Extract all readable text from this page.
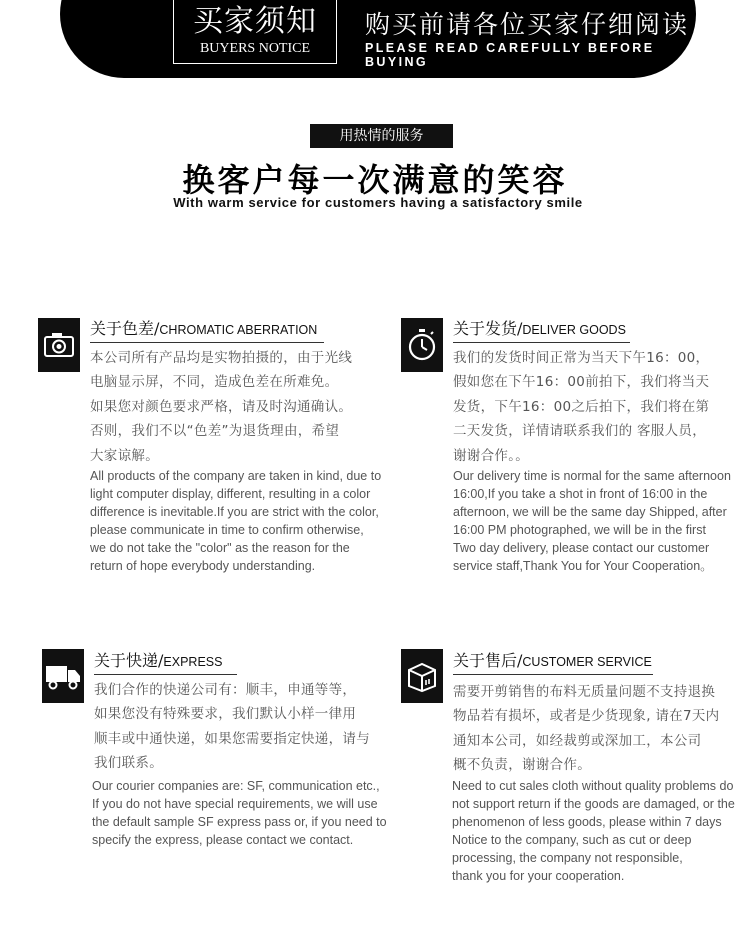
买家须知
BUYERS NOTICE
购买前请各位买家仔细阅读
PLEASE READ CAREFULLY BEFORE BUYING
用热情的服务
换客户每一次满意的笑容
With warm service for customers having a satisfactory smile
关于色差/CHROMATIC ABERRATION
本公司所有产品均是实物拍摄的，由于光线
电脑显示屏，不同，造成色差在所难免。
如果您对颜色要求严格，请及时沟通确认。
否则，我们不以“色差”为退货理由，希望
大家谅解。
All products of the company are taken in kind, due to
light computer display, different, resulting in a color
difference is inevitable.If you are strict with the color,
please communicate in time to confirm otherwise,
we do not take the "color" as the reason for the
return of hope everybody understanding.
关于发货/DELIVER GOODS
我们的发货时间正常为当天下午16：00，
假如您在下午16：00前拍下，我们将当天
发货，下午16：00之后拍下，我们将在第
二天发货，详情请联系我们的 客服人员，
谢谢合作。。
Our delivery time is normal for the same afternoon
16:00,If you take a shot in front of 16:00 in the
afternoon, we will be the same day Shipped, after
16:00 PM photographed, we will be in the first
Two day delivery, please contact our customer
service staff,Thank You for Your Cooperation。
关于快递/EXPRESS
我们合作的快递公司有：顺丰，申通等等，
如果您没有特殊要求，我们默认小样一律用
顺丰或中通快递，如果您需要指定快递，请与
我们联系。
Our courier companies are: SF, communication etc.,
If you do not have special requirements, we will use
the default sample SF express pass or, if you need to
specify the express, please contact we contact.
关于售后/CUSTOMER SERVICE
需要开剪销售的布料无质量问题不支持退换
物品若有损坏，或者是少货现象, 请在7天内
通知本公司，如经裁剪或深加工，本公司
概不负责，谢谢合作。
Need to cut sales cloth without quality problems do
not support return if the goods are damaged, or the
phenomenon of less goods, please within 7 days
Notice to the company, such as cut or deep
processing, the company not responsible,
thank you for your cooperation.
